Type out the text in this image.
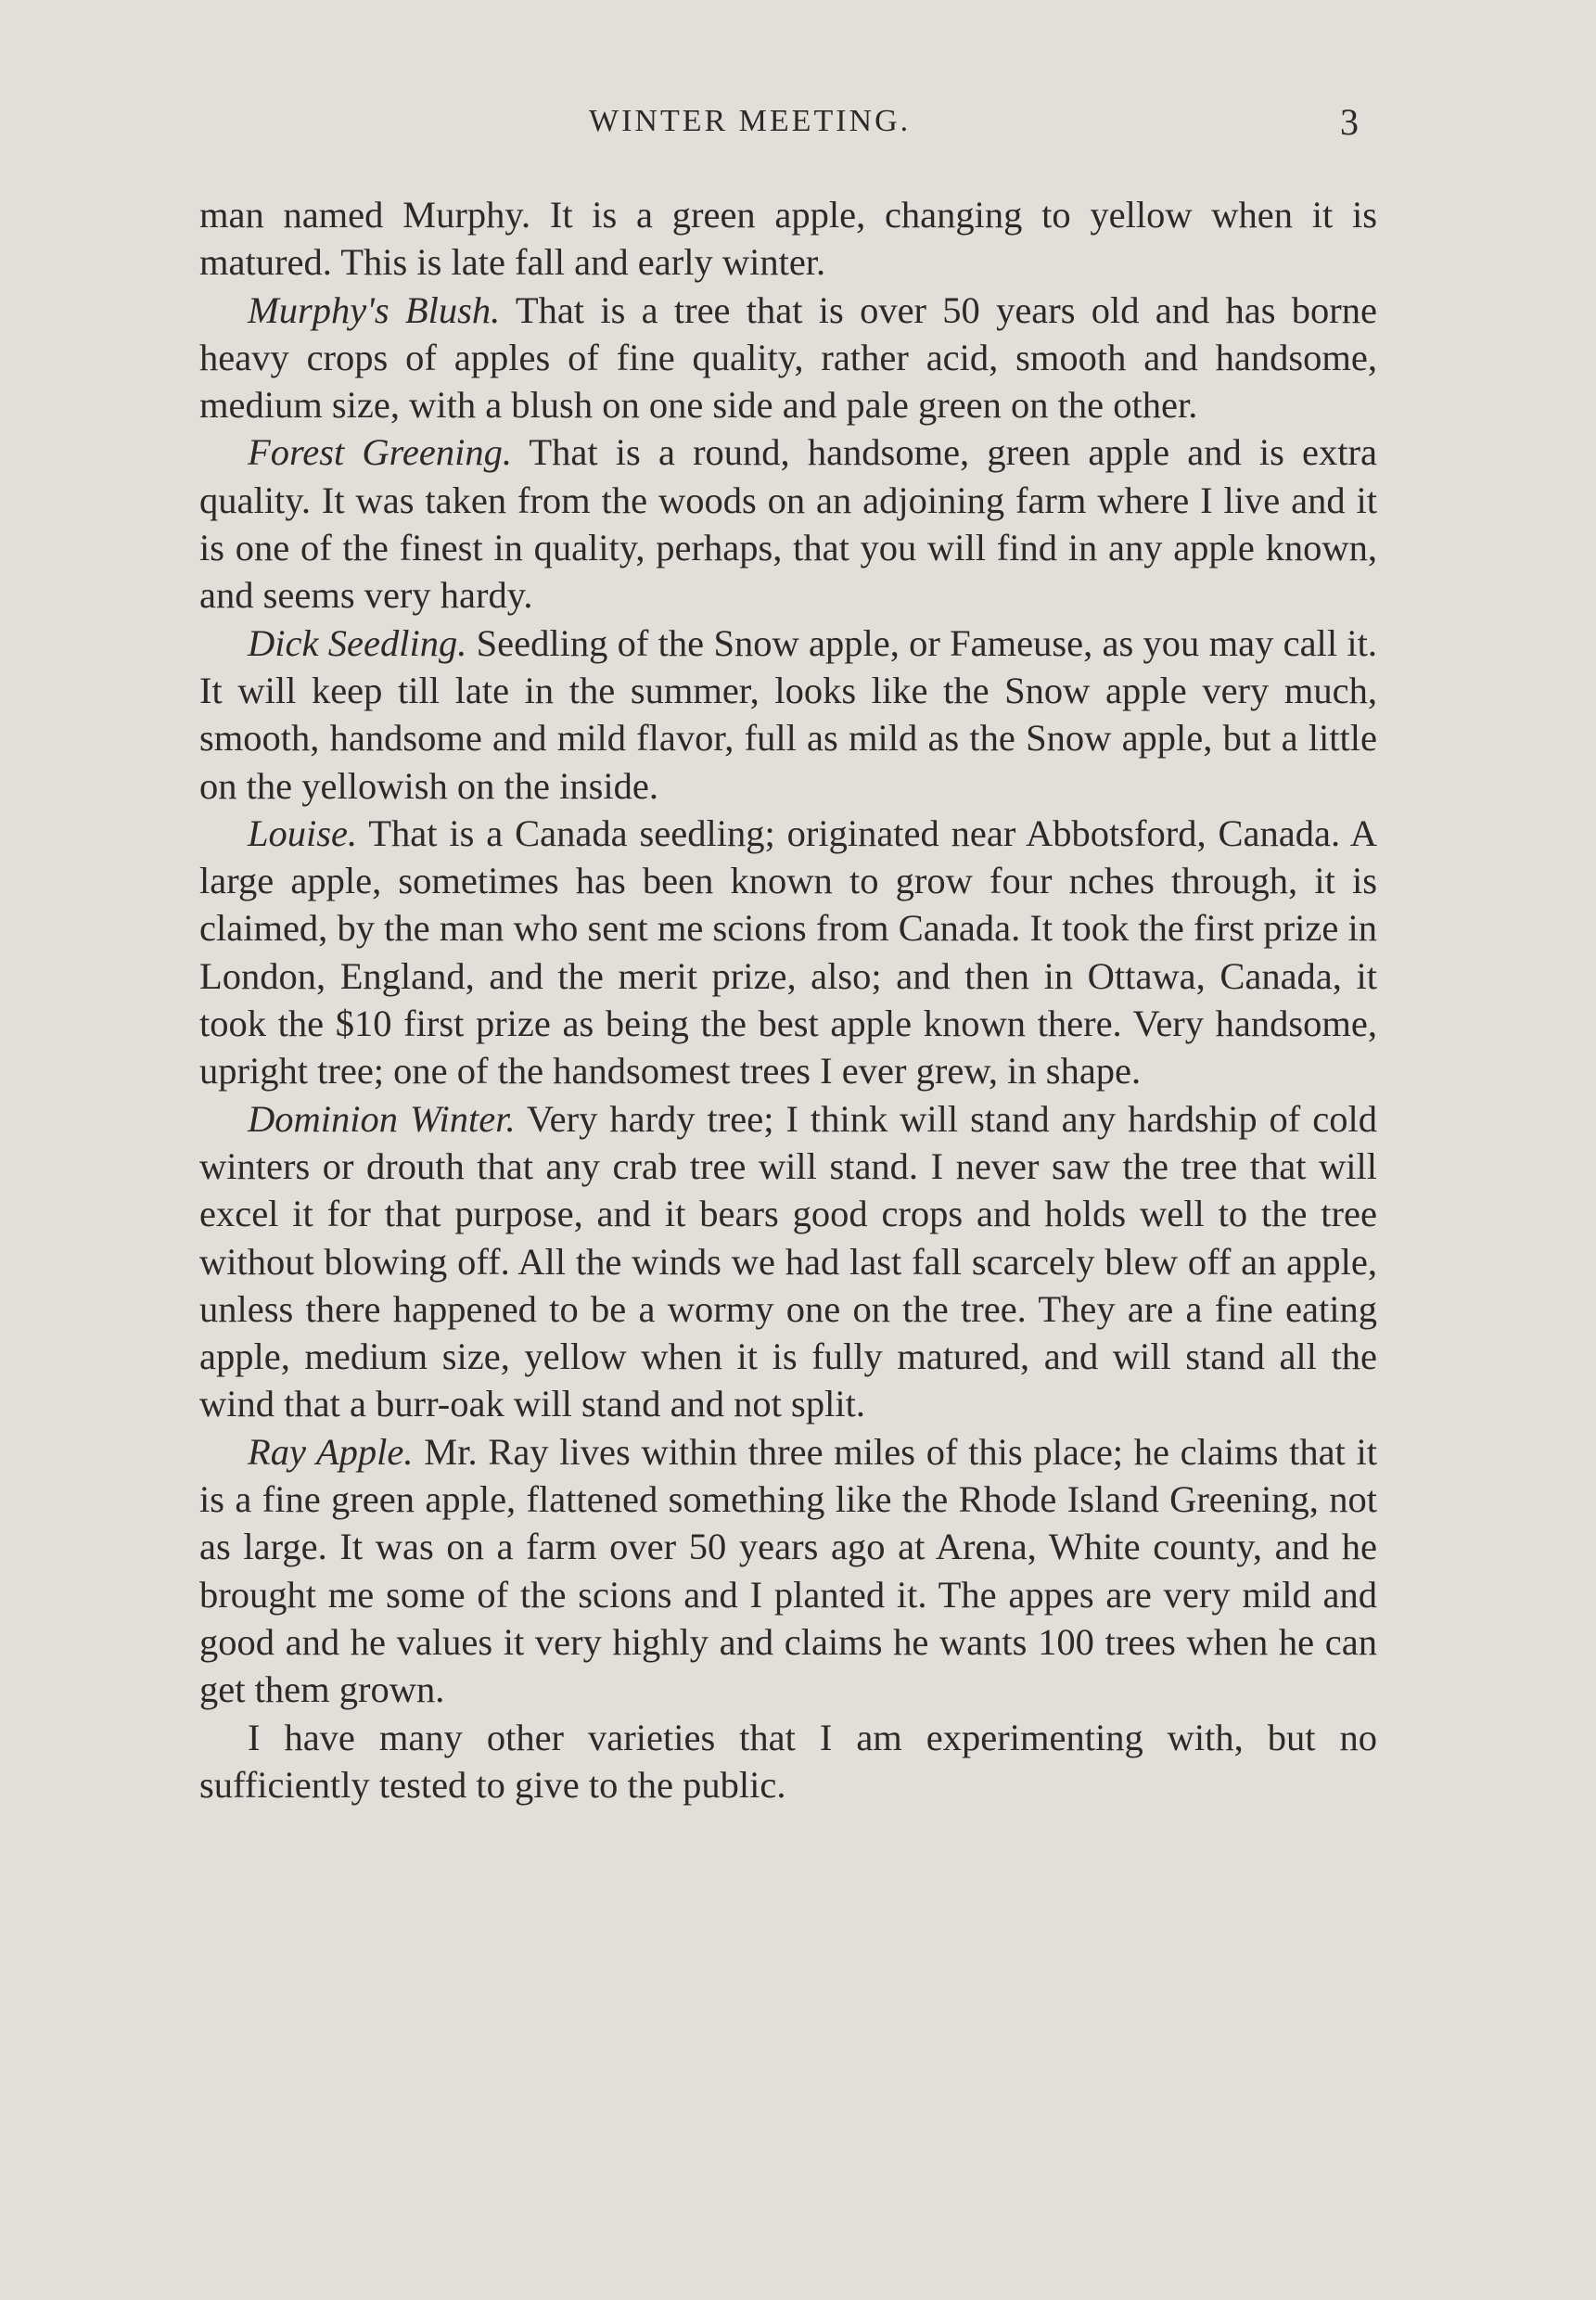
WINTER MEETING.	3

man named Murphy. It is a green apple, changing to yellow when it is matured. This is late fall and early winter.

Murphy's Blush. That is a tree that is over 50 years old and has borne heavy crops of apples of fine quality, rather acid, smooth and handsome, medium size, with a blush on one side and pale green on the other.

Forest Greening. That is a round, handsome, green apple and is extra quality. It was taken from the woods on an adjoining farm where I live and it is one of the finest in quality, perhaps, that you will find in any apple known, and seems very hardy.

Dick Seedling. Seedling of the Snow apple, or Fameuse, as you may call it. It will keep till late in the summer, looks like the Snow apple very much, smooth, handsome and mild flavor, full as mild as the Snow apple, but a little on the yellowish on the inside.

Louise. That is a Canada seedling; originated near Abbotsford, Canada. A large apple, sometimes has been known to grow four nches through, it is claimed, by the man who sent me scions from Canada. It took the first prize in London, England, and the merit prize, also; and then in Ottawa, Canada, it took the $10 first prize as being the best apple known there. Very handsome, upright tree; one of the handsomest trees I ever grew, in shape.

Dominion Winter. Very hardy tree; I think will stand any hardship of cold winters or drouth that any crab tree will stand. I never saw the tree that will excel it for that purpose, and it bears good crops and holds well to the tree without blowing off. All the winds we had last fall scarcely blew off an apple, unless there happened to be a wormy one on the tree. They are a fine eating apple, medium size, yellow when it is fully matured, and will stand all the wind that a burr-oak will stand and not split.

Ray Apple. Mr. Ray lives within three miles of this place; he claims that it is a fine green apple, flattened something like the Rhode Island Greening, not as large. It was on a farm over 50 years ago at Arena, White county, and he brought me some of the scions and I planted it. The appes are very mild and good and he values it very highly and claims he wants 100 trees when he can get them grown.

I have many other varieties that I am experimenting with, but no sufficiently tested to give to the public.
